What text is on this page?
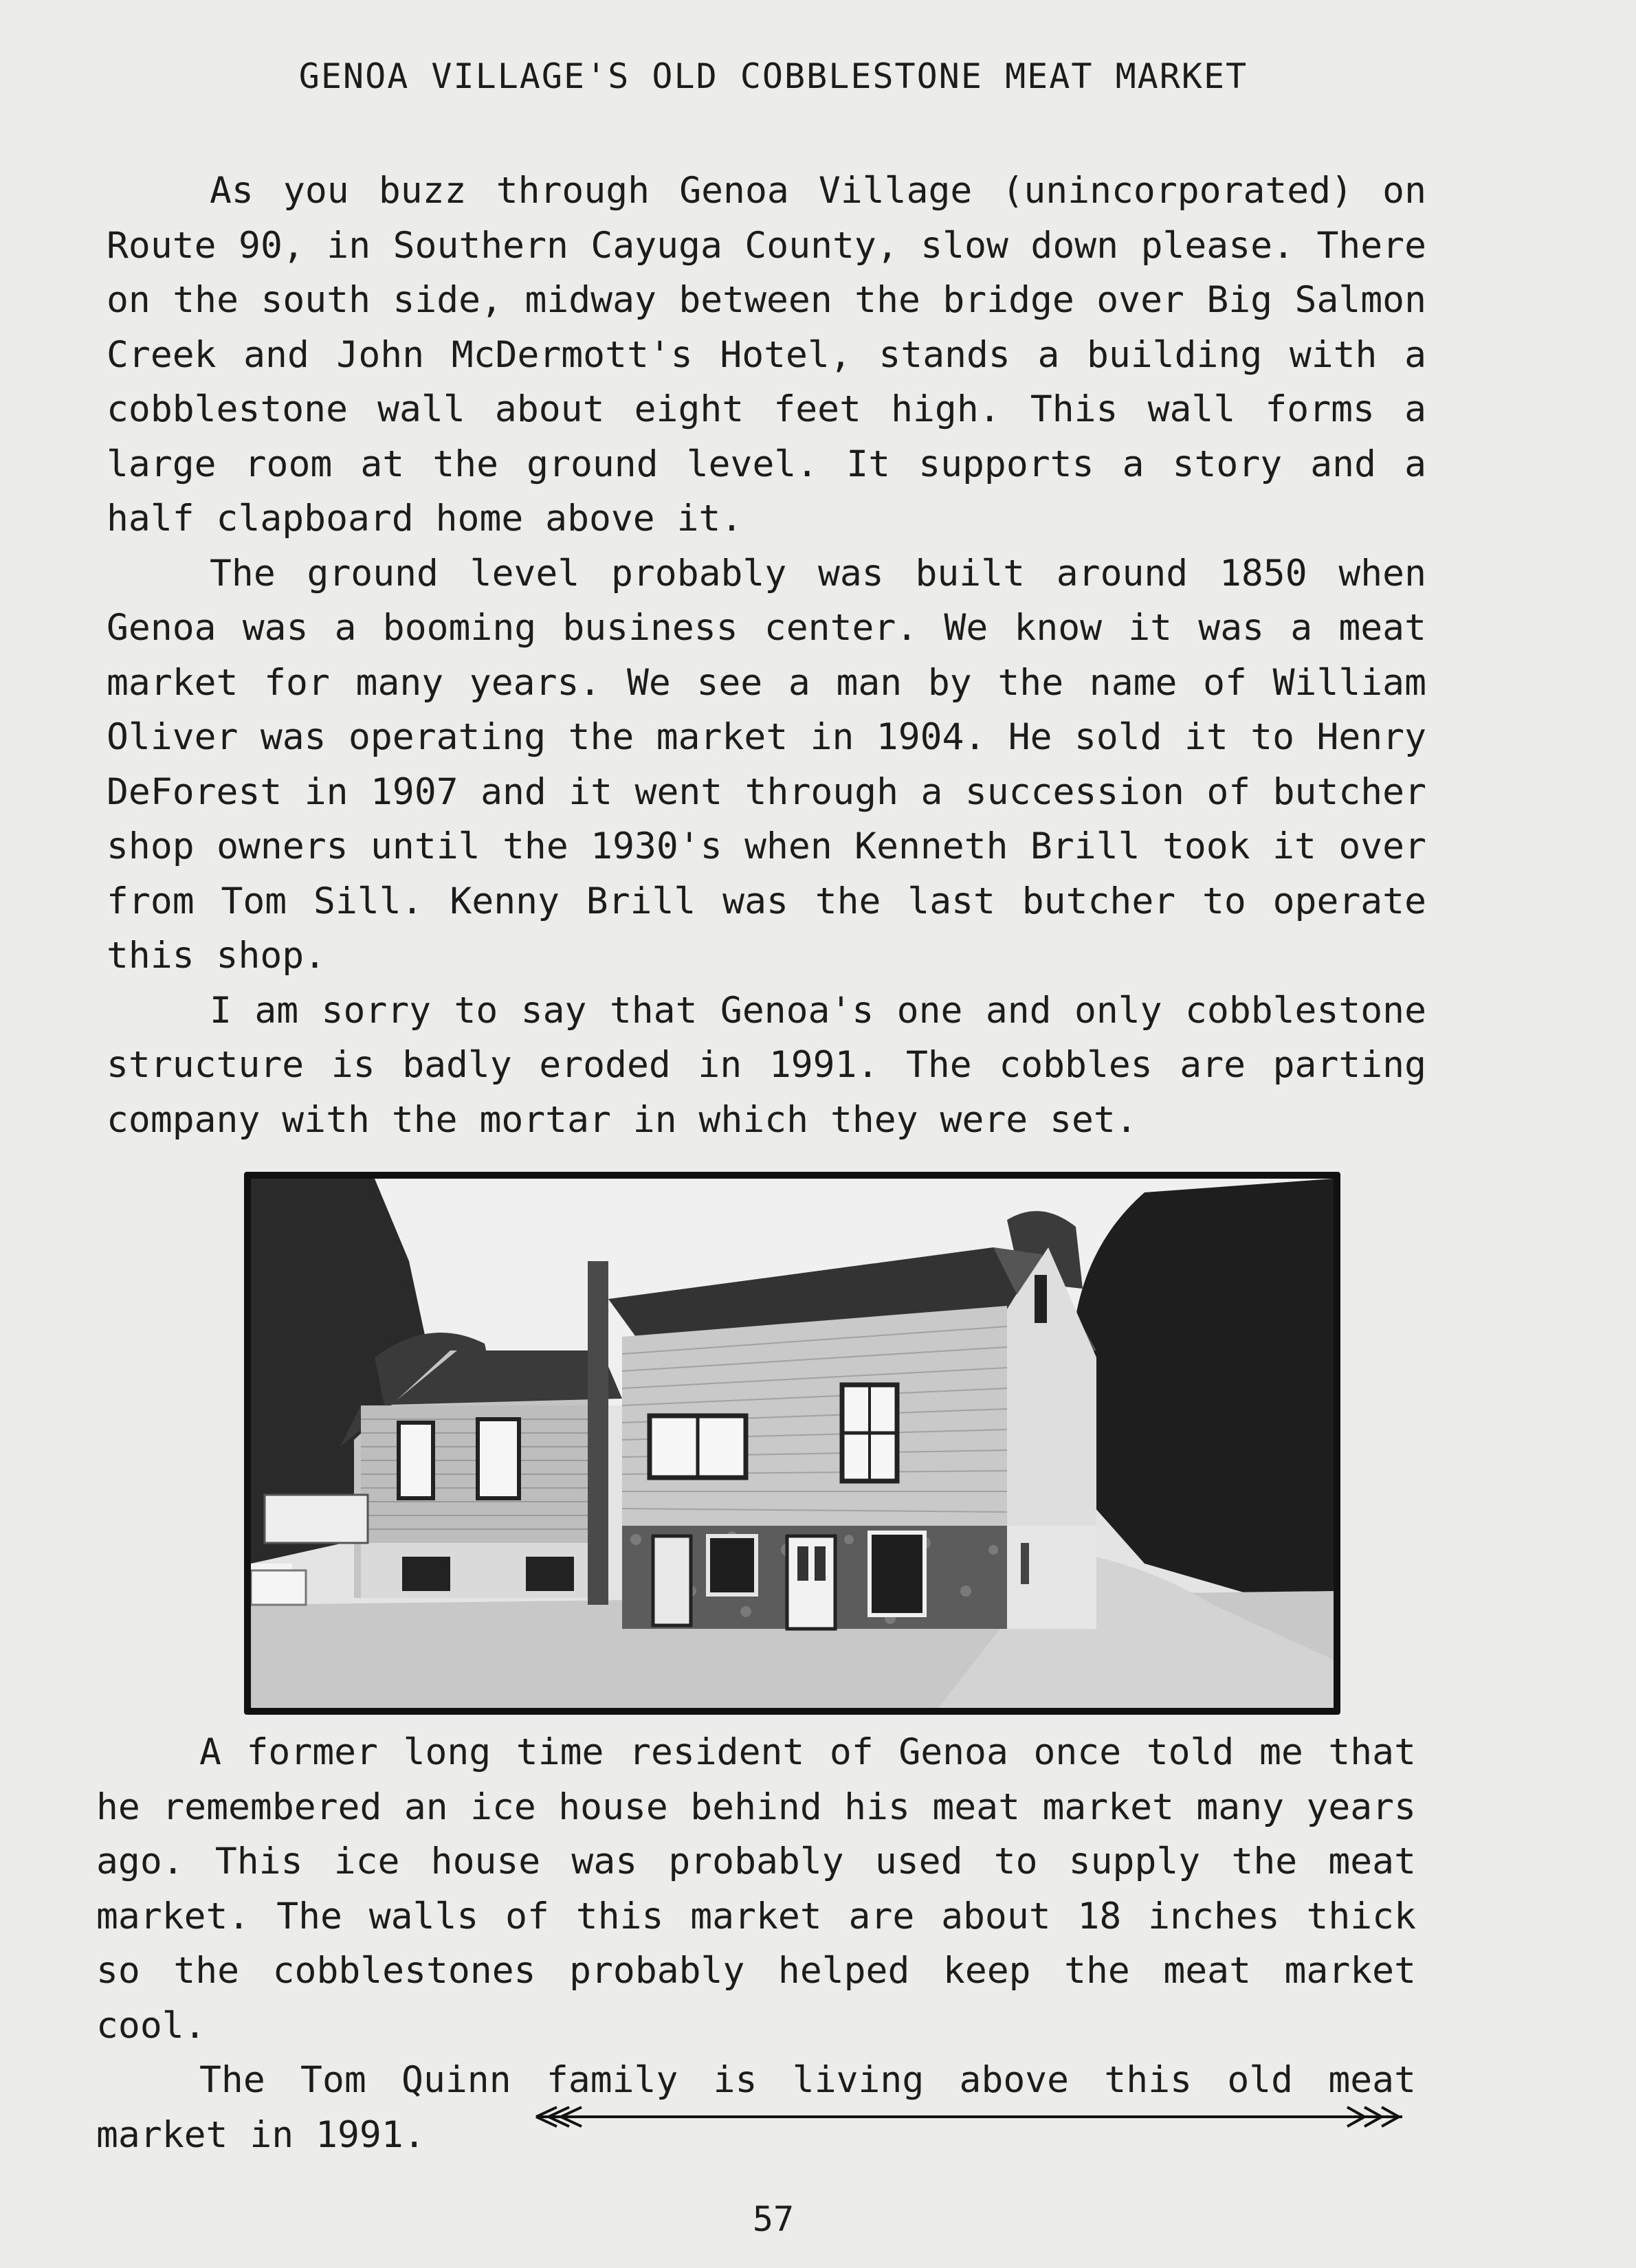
GENOA VILLAGE'S OLD COBBLESTONE MEAT MARKET
As you buzz through Genoa Village (unincorporated) on Route 90, in Southern Cayuga County, slow down please. There on the south side, midway between the bridge over Big Salmon Creek and John McDermott's Hotel, stands a building with a cobblestone wall about eight feet high. This wall forms a large room at the ground level. It supports a story and a half clapboard home above it.
The ground level probably was built around 1850 when Genoa was a booming business center. We know it was a meat market for many years. We see a man by the name of William Oliver was operating the market in 1904. He sold it to Henry DeForest in 1907 and it went through a succession of butcher shop owners until the 1930's when Kenneth Brill took it over from Tom Sill. Kenny Brill was the last butcher to operate this shop.
I am sorry to say that Genoa's one and only cobblestone structure is badly eroded in 1991. The cobbles are parting company with the mortar in which they were set.
A former long time resident of Genoa once told me that he remembered an ice house behind his meat market many years ago. This ice house was probably used to supply the meat market. The walls of this market are about 18 inches thick so the cobblestones probably helped keep the meat market cool.
The Tom Quinn family is living above this old meat market in 1991.
57
